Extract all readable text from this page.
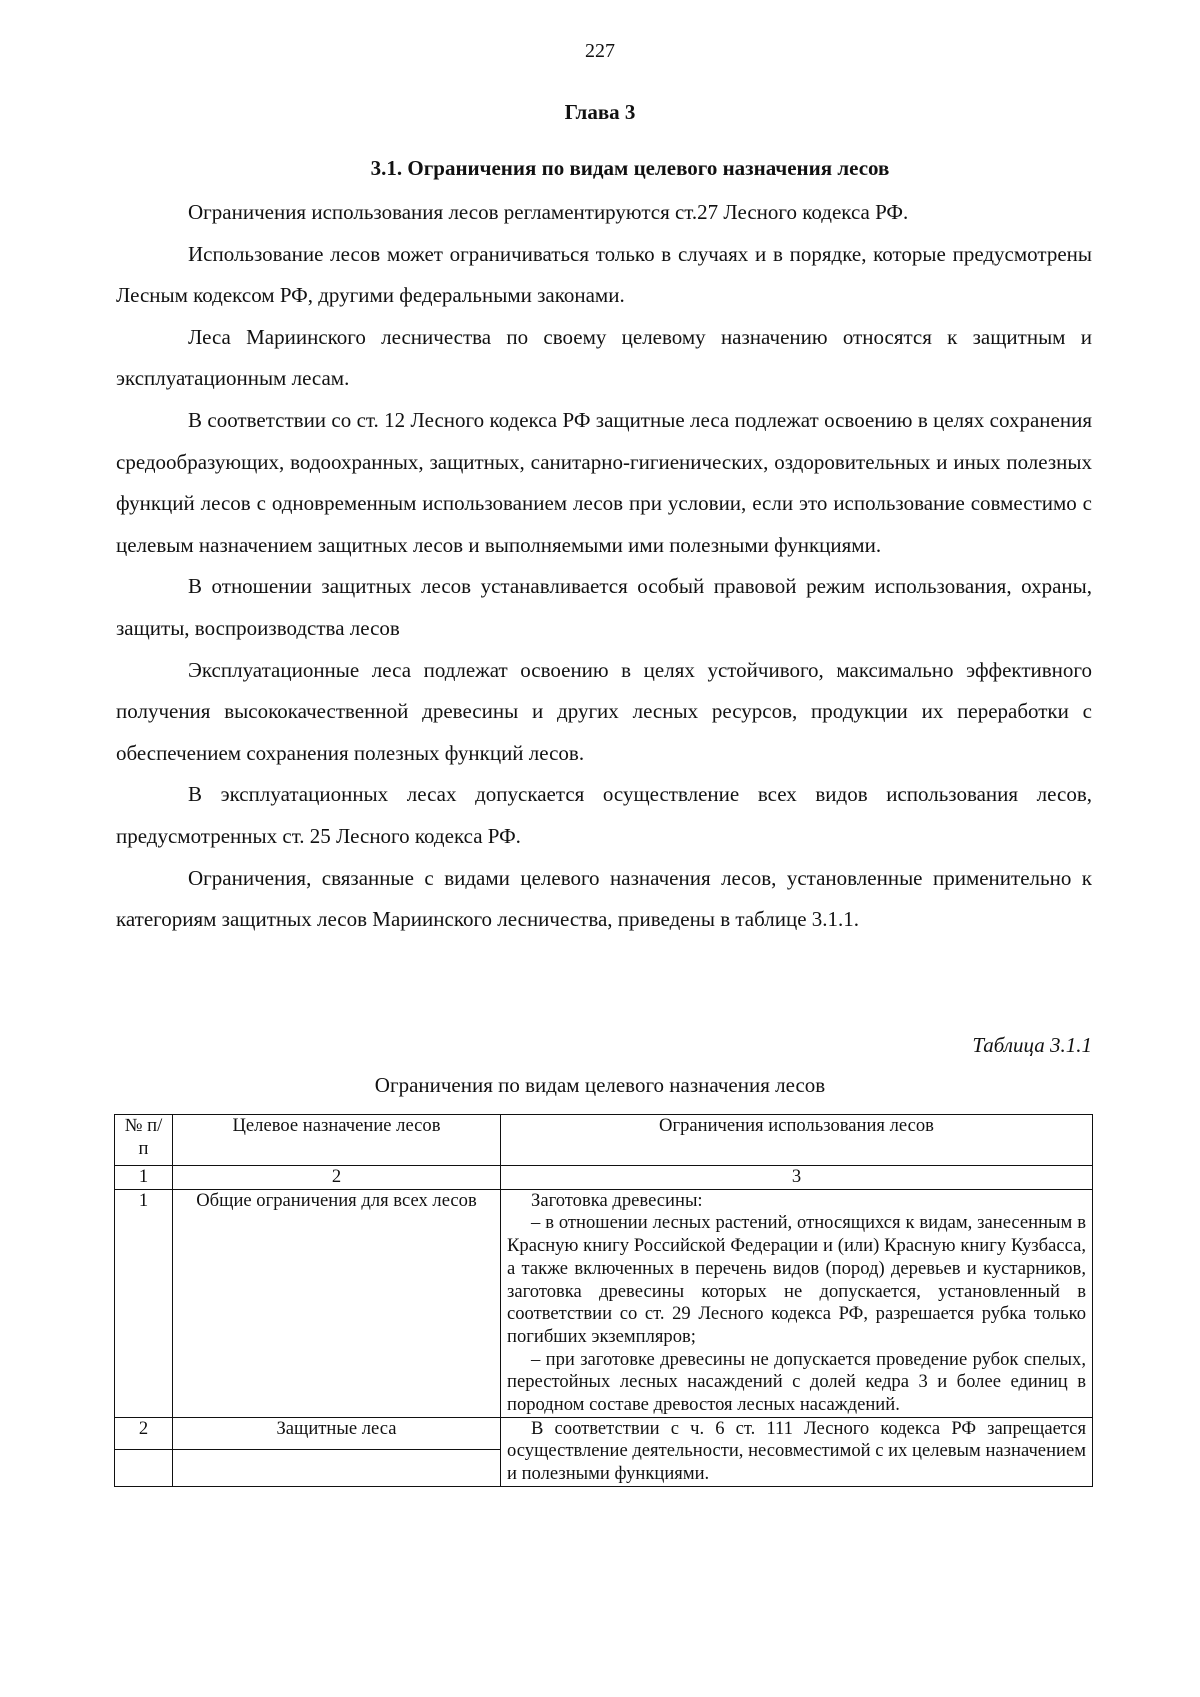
227
Глава 3
3.1. Ограничения по видам целевого назначения лесов

Ограничения использования лесов регламентируются ст.27 Лесного кодекса РФ.

Использование лесов может ограничиваться только в случаях и в порядке, которые предусмотрены Лесным кодексом РФ, другими федеральными законами.

Леса Мариинского лесничества по своему целевому назначению относятся к защитным и эксплуатационным лесам.

В соответствии со ст. 12 Лесного кодекса РФ защитные леса подлежат освоению в целях сохранения средообразующих, водоохранных, защитных, санитарно-гигиенических, оздоровительных и иных полезных функций лесов с одновременным использованием лесов при условии, если это использование совместимо с целевым назначением защитных лесов и выполняемыми ими полезными функциями.

В отношении защитных лесов устанавливается особый правовой режим использования, охраны, защиты, воспроизводства лесов

Эксплуатационные леса подлежат освоению в целях устойчивого, максимально эффективного получения высококачественной древесины и других лесных ресурсов, продукции их переработки с обеспечением сохранения полезных функций лесов.

В эксплуатационных лесах допускается осуществление всех видов использования лесов, предусмотренных ст. 25 Лесного кодекса РФ.

Ограничения, связанные с видами целевого назначения лесов, установленные применительно к категориям защитных лесов Мариинского лесничества, приведены в таблице 3.1.1.

Таблица 3.1.1
Ограничения по видам целевого назначения лесов
№ п/п	Целевое назначение лесов	Ограничения использования лесов
1	2	3
1	Общие ограничения для всех лесов	Заготовка древесины:

– в отношении лесных растений, относящихся к видам, занесенным в Красную книгу Российской Федерации и (или) Красную книгу Кузбасса, а также включенных в перечень видов (пород) деревьев и кустарников, заготовка древесины которых не допускается, установленный в соответствии со ст. 29 Лесного кодекса РФ, разрешается рубка только погибших экземпляров;

– при заготовке древесины не допускается проведение рубок спелых, перестойных лесных насаждений с долей кедра 3 и более единиц в породном составе древостоя лесных насаждений.

2	Защитные леса	В соответствии с ч. 6 ст. 111 Лесного кодекса РФ запрещается осуществление деятельности, несовместимой с их целевым назначением и полезными функциями.
